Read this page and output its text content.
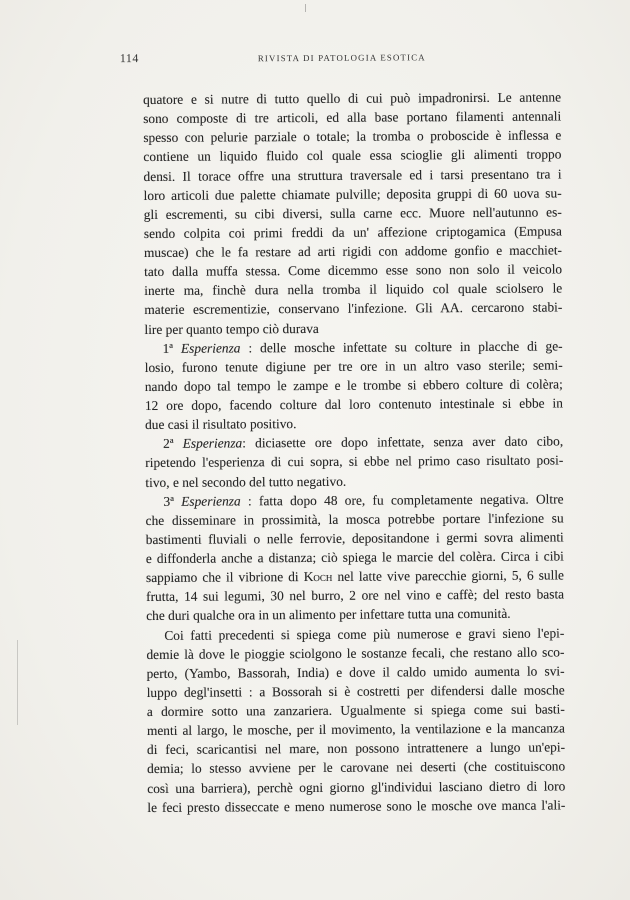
114	RIVISTA DI PATOLOGIA ESOTICA
quatore e si nutre di tutto quello di cui può impadronirsi. Le antenne
sono composte di tre articoli, ed alla base portano filamenti antennali
spesso con pelurie parziale o totale; la tromba o proboscide è inflessa e
contiene un liquido fluido col quale essa scioglie gli alimenti troppo
densi. Il torace offre una struttura traversale ed i tarsi presentano tra i
loro articoli due palette chiamate pulville; deposita gruppi di 60 uova su-
gli escrementi, su cibi diversi, sulla carne ecc. Muore nell'autunno es-
sendo colpita coi primi freddi da un' affezione criptogamica (Empusa
muscae) che le fa restare ad arti rigidi con addome gonfio e macchiet-
tato dalla muffa stessa. Come dicemmo esse sono non solo il veicolo
inerte ma, finchè dura nella tromba il liquido col quale sciolsero le
materie escrementizie, conservano l'infezione. Gli AA. cercarono stabi-
lire per quanto tempo ciò durava
1ª Esperienza : delle mosche infettate su colture in placche di ge-
losio, furono tenute digiune per tre ore in un altro vaso sterile; semi-
nando dopo tal tempo le zampe e le trombe si ebbero colture di colèra;
12 ore dopo, facendo colture dal loro contenuto intestinale si ebbe in
due casi il risultato positivo.
2ª Esperienza: diciasette ore dopo infettate, senza aver dato cibo,
ripetendo l'esperienza di cui sopra, si ebbe nel primo caso risultato posi-
tivo, e nel secondo del tutto negativo.
3ª Esperienza : fatta dopo 48 ore, fu completamente negativa. Oltre
che disseminare in prossimità, la mosca potrebbe portare l'infezione su
bastimenti fluviali o nelle ferrovie, depositandone i germi sovra alimenti
e diffonderla anche a distanza; ciò spiega le marcie del colèra. Circa i cibi
sappiamo che il vibrione di Koch nel latte vive parecchie giorni, 5, 6 sulle
frutta, 14 sui legumi, 30 nel burro, 2 ore nel vino e caffè; del resto basta
che duri qualche ora in un alimento per infettare tutta una comunità.
Coi fatti precedenti si spiega come più numerose e gravi sieno l'epi-
demie là dove le pioggie sciolgono le sostanze fecali, che restano allo sco-
perto, (Yambo, Bassorah, India) e dove il caldo umido aumenta lo svi-
luppo degl'insetti : a Bossorah si è costretti per difendersi dalle mosche
a dormire sotto una zanzariera. Ugualmente si spiega come sui basti-
menti al largo, le mosche, per il movimento, la ventilazione e la mancanza
di feci, scaricantisi nel mare, non possono intrattenere a lungo un'epi-
demia; lo stesso avviene per le carovane nei deserti (che costituiscono
così una barriera), perchè ogni giorno gl'individui lasciano dietro di loro
le feci presto disseccate e meno numerose sono le mosche ove manca l'ali-
